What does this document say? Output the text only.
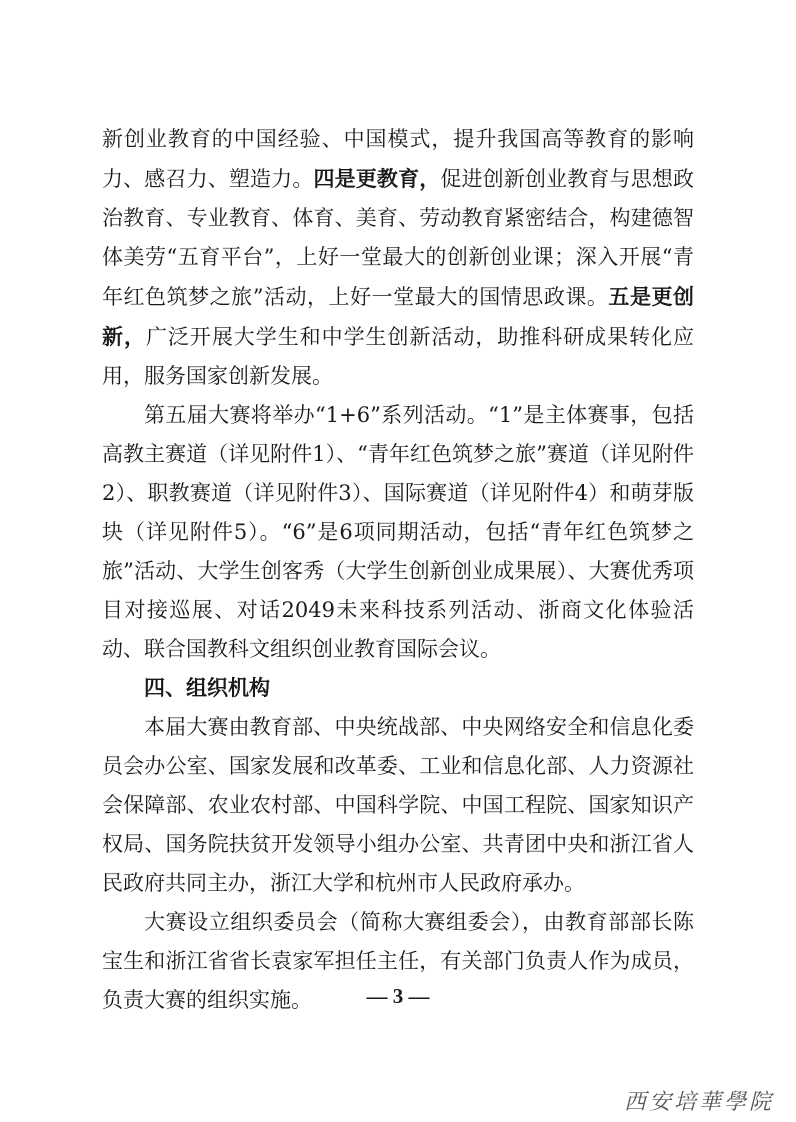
新创业教育的中国经验、中国模式，提升我国高等教育的影响力、感召力、塑造力。四是更教育，促进创新创业教育与思想政治教育、专业教育、体育、美育、劳动教育紧密结合，构建德智体美劳“五育平台”，上好一堂最大的创新创业课；深入开展“青年红色筑梦之旅”活动，上好一堂最大的国情思政课。五是更创新，广泛开展大学生和中学生创新活动，助推科研成果转化应用，服务国家创新发展。

第五届大赛将举办“1+6”系列活动。“1”是主体赛事，包括高教主赛道（详见附件1）、“青年红色筑梦之旅”赛道（详见附件2）、职教赛道（详见附件3）、国际赛道（详见附件4）和萌芽版块（详见附件5）。“6”是6项同期活动，包括“青年红色筑梦之旅”活动、大学生创客秀（大学生创新创业成果展）、大赛优秀项目对接巡展、对话2049未来科技系列活动、浙商文化体验活动、联合国教科文组织创业教育国际会议。

四、组织机构

本届大赛由教育部、中央统战部、中央网络安全和信息化委员会办公室、国家发展和改革委、工业和信息化部、人力资源社会保障部、农业农村部、中国科学院、中国工程院、国家知识产权局、国务院扶贫开发领导小组办公室、共青团中央和浙江省人民政府共同主办，浙江大学和杭州市人民政府承办。

大赛设立组织委员会（简称大赛组委会），由教育部部长陈宝生和浙江省省长袁家军担任主任，有关部门负责人作为成员，负责大赛的组织实施。	— 3 —
西安培華學院
